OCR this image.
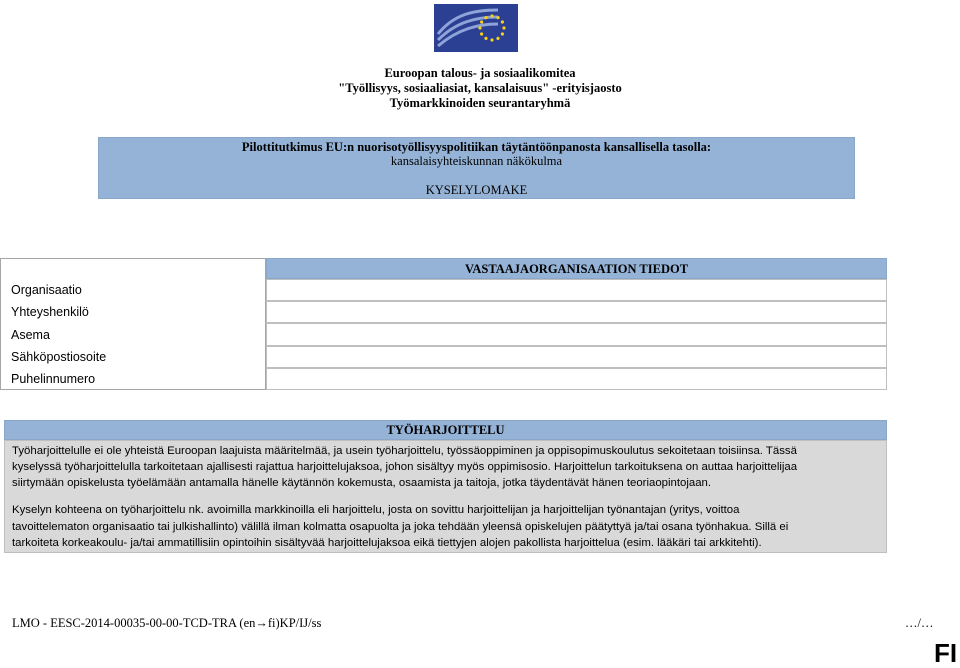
Euroopan talous- ja sosiaalikomitea
"Työllisyys, sosiaaliasiat, kansalaisuus" -erityisjaosto
Työmarkkinoiden seurantaryhmä
Pilottitutkimus EU:n nuorisotyöllisyyspolitiikan täytäntöönpanosta kansallisella tasolla:
kansalaisyhteiskunnan näkökulma
KYSELYLOMAKE
Organisaatio
Yhteyshenkilö
Asema
Sähköpostiosoite
Puhelinnumero
VASTAAJAORGANISAATION TIEDOT
TYÖHARJOITTELU
Työharjoittelulle ei ole yhteistä Euroopan laajuista määritelmää, ja usein työharjoittelu, työssäoppiminen ja oppisopimuskoulutus sekoitetaan toisiinsa. Tässä
kyselyssä työharjoittelulla tarkoitetaan ajallisesti rajattua harjoittelujaksoa, johon sisältyy myös oppimisosio. Harjoittelun tarkoituksena on auttaa harjoittelijaa
siirtymään opiskelusta työelämään antamalla hänelle käytännön kokemusta, osaamista ja taitoja, jotka täydentävät hänen teoriaopintojaan.
Kyselyn kohteena on työharjoittelu nk. avoimilla markkinoilla eli harjoittelu, josta on sovittu harjoittelijan ja harjoittelijan työnantajan (yritys, voittoa
tavoittelematon organisaatio tai julkishallinto) välillä ilman kolmatta osapuolta ja joka tehdään yleensä opiskelujen päätyttyä ja/tai osana työnhakua. Sillä ei
tarkoiteta korkeakoulu- ja/tai ammatillisiin opintoihin sisältyvää harjoittelujaksoa eikä tiettyjen alojen pakollista harjoittelua (esim. lääkäri tai arkkitehti).
LMO - EESC-2014-00035-00-00-TCD-TRA (en→fi)KP/IJ/ss	…/…
FI
